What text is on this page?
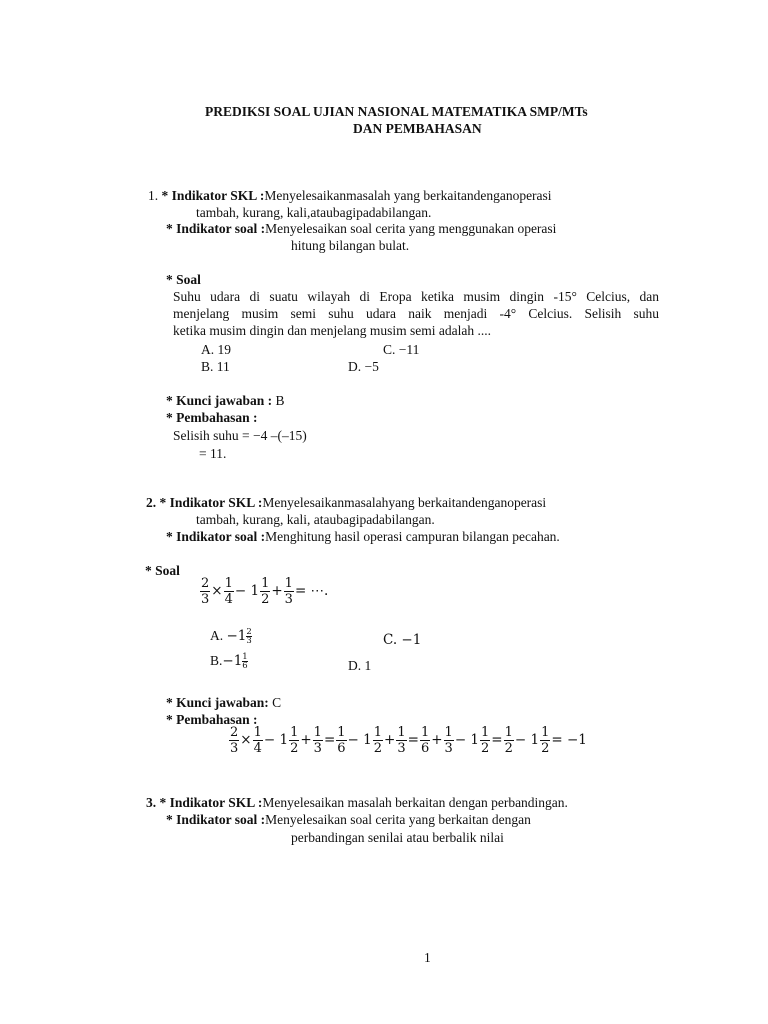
PREDIKSI SOAL UJIAN NASIONAL MATEMATIKA SMP/MTs
DAN PEMBAHASAN
1. * Indikator SKL :Menyelesaikanmasalah yang berkaitandenganoperasi
tambah, kurang, kali,ataubagipadabilangan.
* Indikator soal :Menyelesaikan soal cerita yang menggunakan operasi
hitung bilangan bulat.
* Soal
Suhu udara di suatu wilayah di Eropa ketika musim dingin -15° Celcius, dan
menjelang musim semi suhu udara naik menjadi -4° Celcius. Selisih suhu
ketika musim dingin dan menjelang musim semi adalah ....
A. 19	C. −11
B. 11	D. −5
* Kunci jawaban : B
* Pembahasan :
Selisih suhu = −4 –(–15)
= 11.
2. * Indikator SKL :Menyelesaikanmasalahyang berkaitandenganoperasi
tambah, kurang, kali, ataubagipadabilangan.
* Indikator soal :Menghitung hasil operasi campuran bilangan pecahan.
* Soal
$\frac{2}{3} \times \frac{1}{4} - 1 \frac{1}{2} + \frac{1}{3}$ = ⋯.
A. $-1 \frac{2}{3}$	C. −1
$B.-1 \frac{1}{6}$	D. 1
* Kunci jawaban: C
* Pembahasan :
$\frac{2}{3} \times \frac{1}{4} - 1 \frac{1}{2} + \frac{1}{3} = \frac{1}{6} - 1 \frac{1}{2} + \frac{1}{3} = \frac{1}{6} + \frac{1}{3} - 1 \frac{1}{2} = \frac{1}{2} - 1 \frac{1}{2} = -1$
3. * Indikator SKL :Menyelesaikan masalah berkaitan dengan perbandingan.
* Indikator soal :Menyelesaikan soal cerita yang berkaitan dengan
perbandingan senilai atau berbalik nilai
1
